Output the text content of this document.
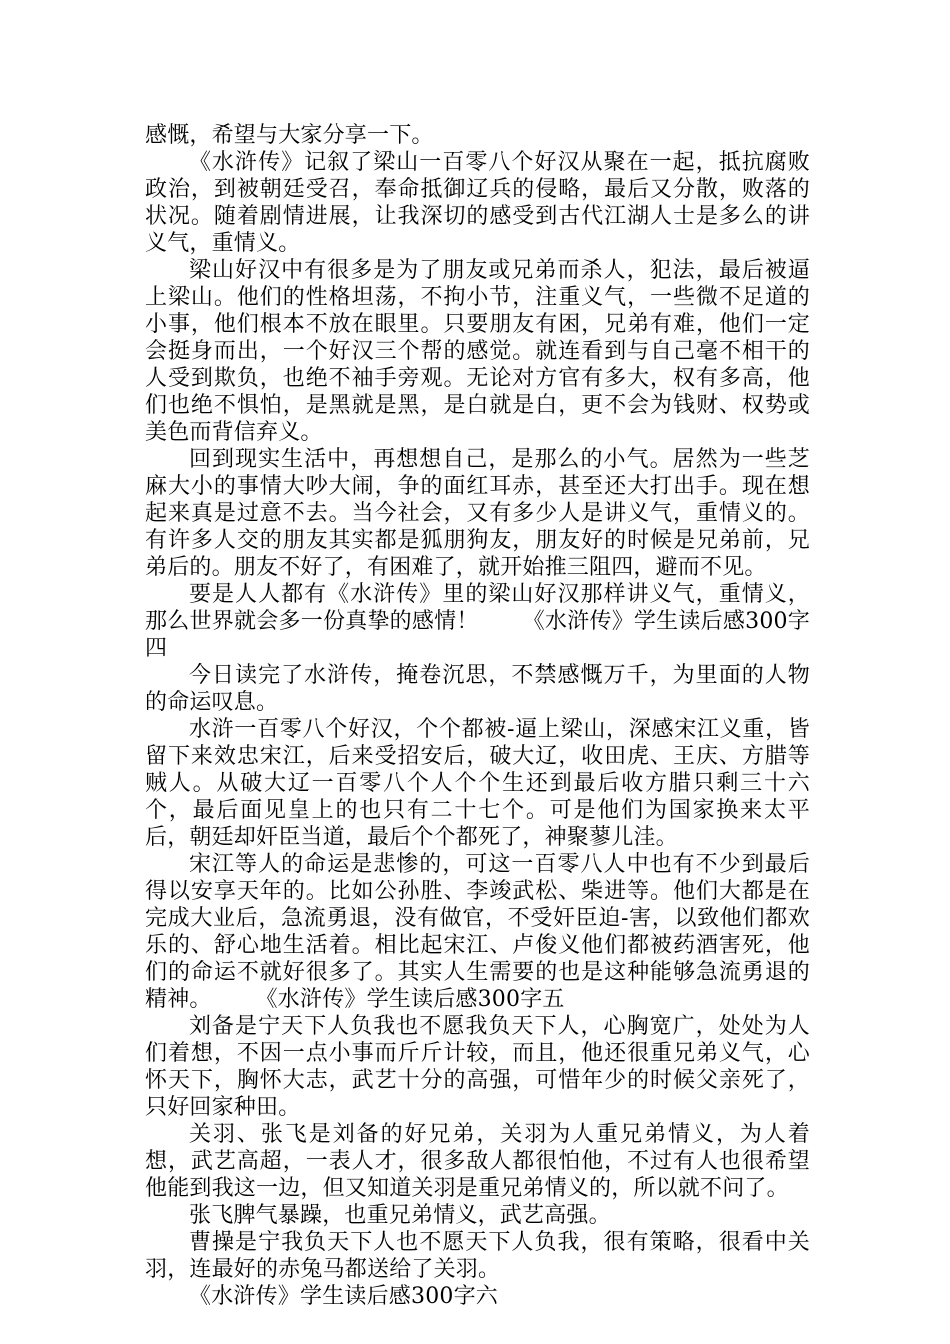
感慨，希望与大家分享一下。

《水浒传》记叙了梁山一百零八个好汉从聚在一起，抵抗腐败政治，到被朝廷受召，奉命抵御辽兵的侵略，最后又分散，败落的状况。随着剧情进展，让我深切的感受到古代江湖人士是多么的讲义气，重情义。

梁山好汉中有很多是为了朋友或兄弟而杀人，犯法，最后被逼上梁山。他们的性格坦荡，不拘小节，注重义气，一些微不足道的小事，他们根本不放在眼里。只要朋友有困，兄弟有难，他们一定会挺身而出，一个好汉三个帮的感觉。就连看到与自己毫不相干的人受到欺负，也绝不袖手旁观。无论对方官有多大，权有多高，他们也绝不惧怕，是黑就是黑，是白就是白，更不会为钱财、权势或美色而背信弃义。

回到现实生活中，再想想自己，是那么的小气。居然为一些芝麻大小的事情大吵大闹，争的面红耳赤，甚至还大打出手。现在想起来真是过意不去。当今社会，又有多少人是讲义气，重情义的。有许多人交的朋友其实都是狐朋狗友，朋友好的时候是兄弟前，兄弟后的。朋友不好了，有困难了，就开始推三阻四，避而不见。

要是人人都有《水浒传》里的梁山好汉那样讲义气，重情义，那么世界就会多一份真挚的感情！ 《水浒传》学生读后感300字四

今日读完了水浒传，掩卷沉思，不禁感慨万千，为里面的人物的命运叹息。

水浒一百零八个好汉，个个都被-逼上梁山，深感宋江义重，皆留下来效忠宋江，后来受招安后，破大辽，收田虎、王庆、方腊等贼人。从破大辽一百零八个人个个生还到最后收方腊只剩三十六个，最后面见皇上的也只有二十七个。可是他们为国家换来太平后，朝廷却奸臣当道，最后个个都死了，神聚蓼儿洼。

宋江等人的命运是悲惨的，可这一百零八人中也有不少到最后得以安享天年的。比如公孙胜、李竣武松、柴进等。他们大都是在完成大业后，急流勇退，没有做官，不受奸臣迫-害，以致他们都欢乐的、舒心地生活着。相比起宋江、卢俊义他们都被药酒害死，他们的命运不就好很多了。其实人生需要的也是这种能够急流勇退的精神。 《水浒传》学生读后感300字五

刘备是宁天下人负我也不愿我负天下人，心胸宽广，处处为人们着想，不因一点小事而斤斤计较，而且，他还很重兄弟义气，心怀天下，胸怀大志，武艺十分的高强，可惜年少的时候父亲死了，只好回家种田。

关羽、张飞是刘备的好兄弟，关羽为人重兄弟情义，为人着想，武艺高超，一表人才，很多敌人都很怕他，不过有人也很希望他能到我这一边，但又知道关羽是重兄弟情义的，所以就不问了。

张飞脾气暴躁，也重兄弟情义，武艺高强。

曹操是宁我负天下人也不愿天下人负我，很有策略，很看中关羽，连最好的赤兔马都送给了关羽。

《水浒传》学生读后感300字六
